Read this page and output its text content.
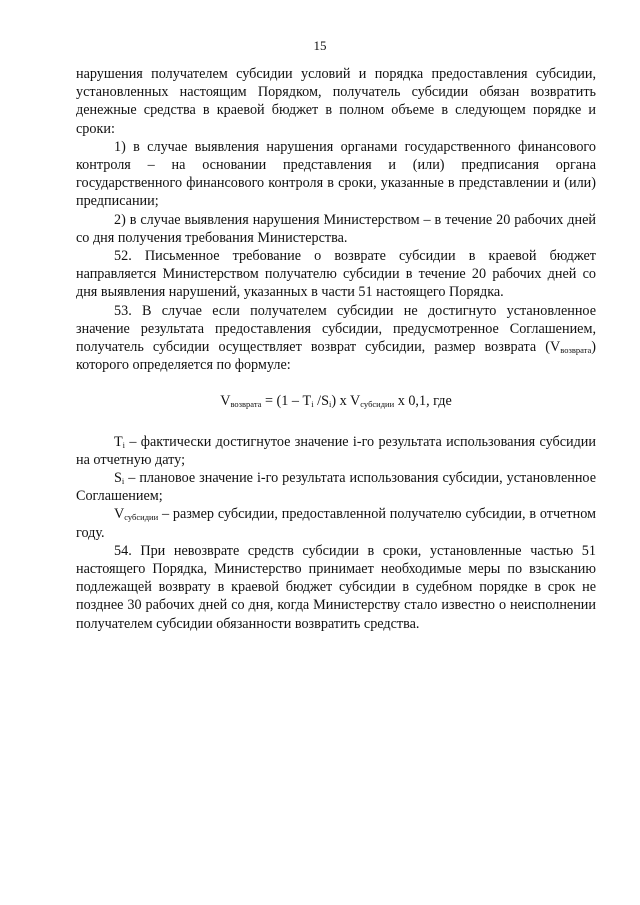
15

нарушения получателем субсидии условий и порядка предоставления субсидии, установленных настоящим Порядком, получатель субсидии обязан возвратить денежные средства в краевой бюджет в полном объеме в следующем порядке и сроки:

1) в случае выявления нарушения органами государственного финансового контроля – на основании представления и (или) предписания органа государственного финансового контроля в сроки, указанные в представлении и (или) предписании;

2) в случае выявления нарушения Министерством – в течение 20 рабочих дней со дня получения требования Министерства.

52. Письменное требование о возврате субсидии в краевой бюджет направляется Министерством получателю субсидии в течение 20 рабочих дней со дня выявления нарушений, указанных в части 51 настоящего Порядка.

53. В случае если получателем субсидии не достигнуто установленное значение результата предоставления субсидии, предусмотренное Соглашением, получатель субсидии осуществляет возврат субсидии, размер возврата $(V_{возврата})$ которого определяется по формуле:

$V_{возврата} = (1 - T_i$ $/S_i$) x $V_{субсидии}$ x 0,1, где

$T_i$ – фактически достигнутое значение i-го результата использования субсидии на отчетную дату;

$S_i$ – плановое значение i-го результата использования субсидии, установленное Соглашением;

$V_{субсидии}$ – размер субсидии, предоставленной получателю субсидии, в отчетном году.

54. При невозврате средств субсидии в сроки, установленные частью 51 настоящего Порядка, Министерство принимает необходимые меры по взысканию подлежащей возврату в краевой бюджет субсидии в судебном порядке в срок не позднее 30 рабочих дней со дня, когда Министерству стало известно о неисполнении получателем субсидии обязанности возвратить средства.
